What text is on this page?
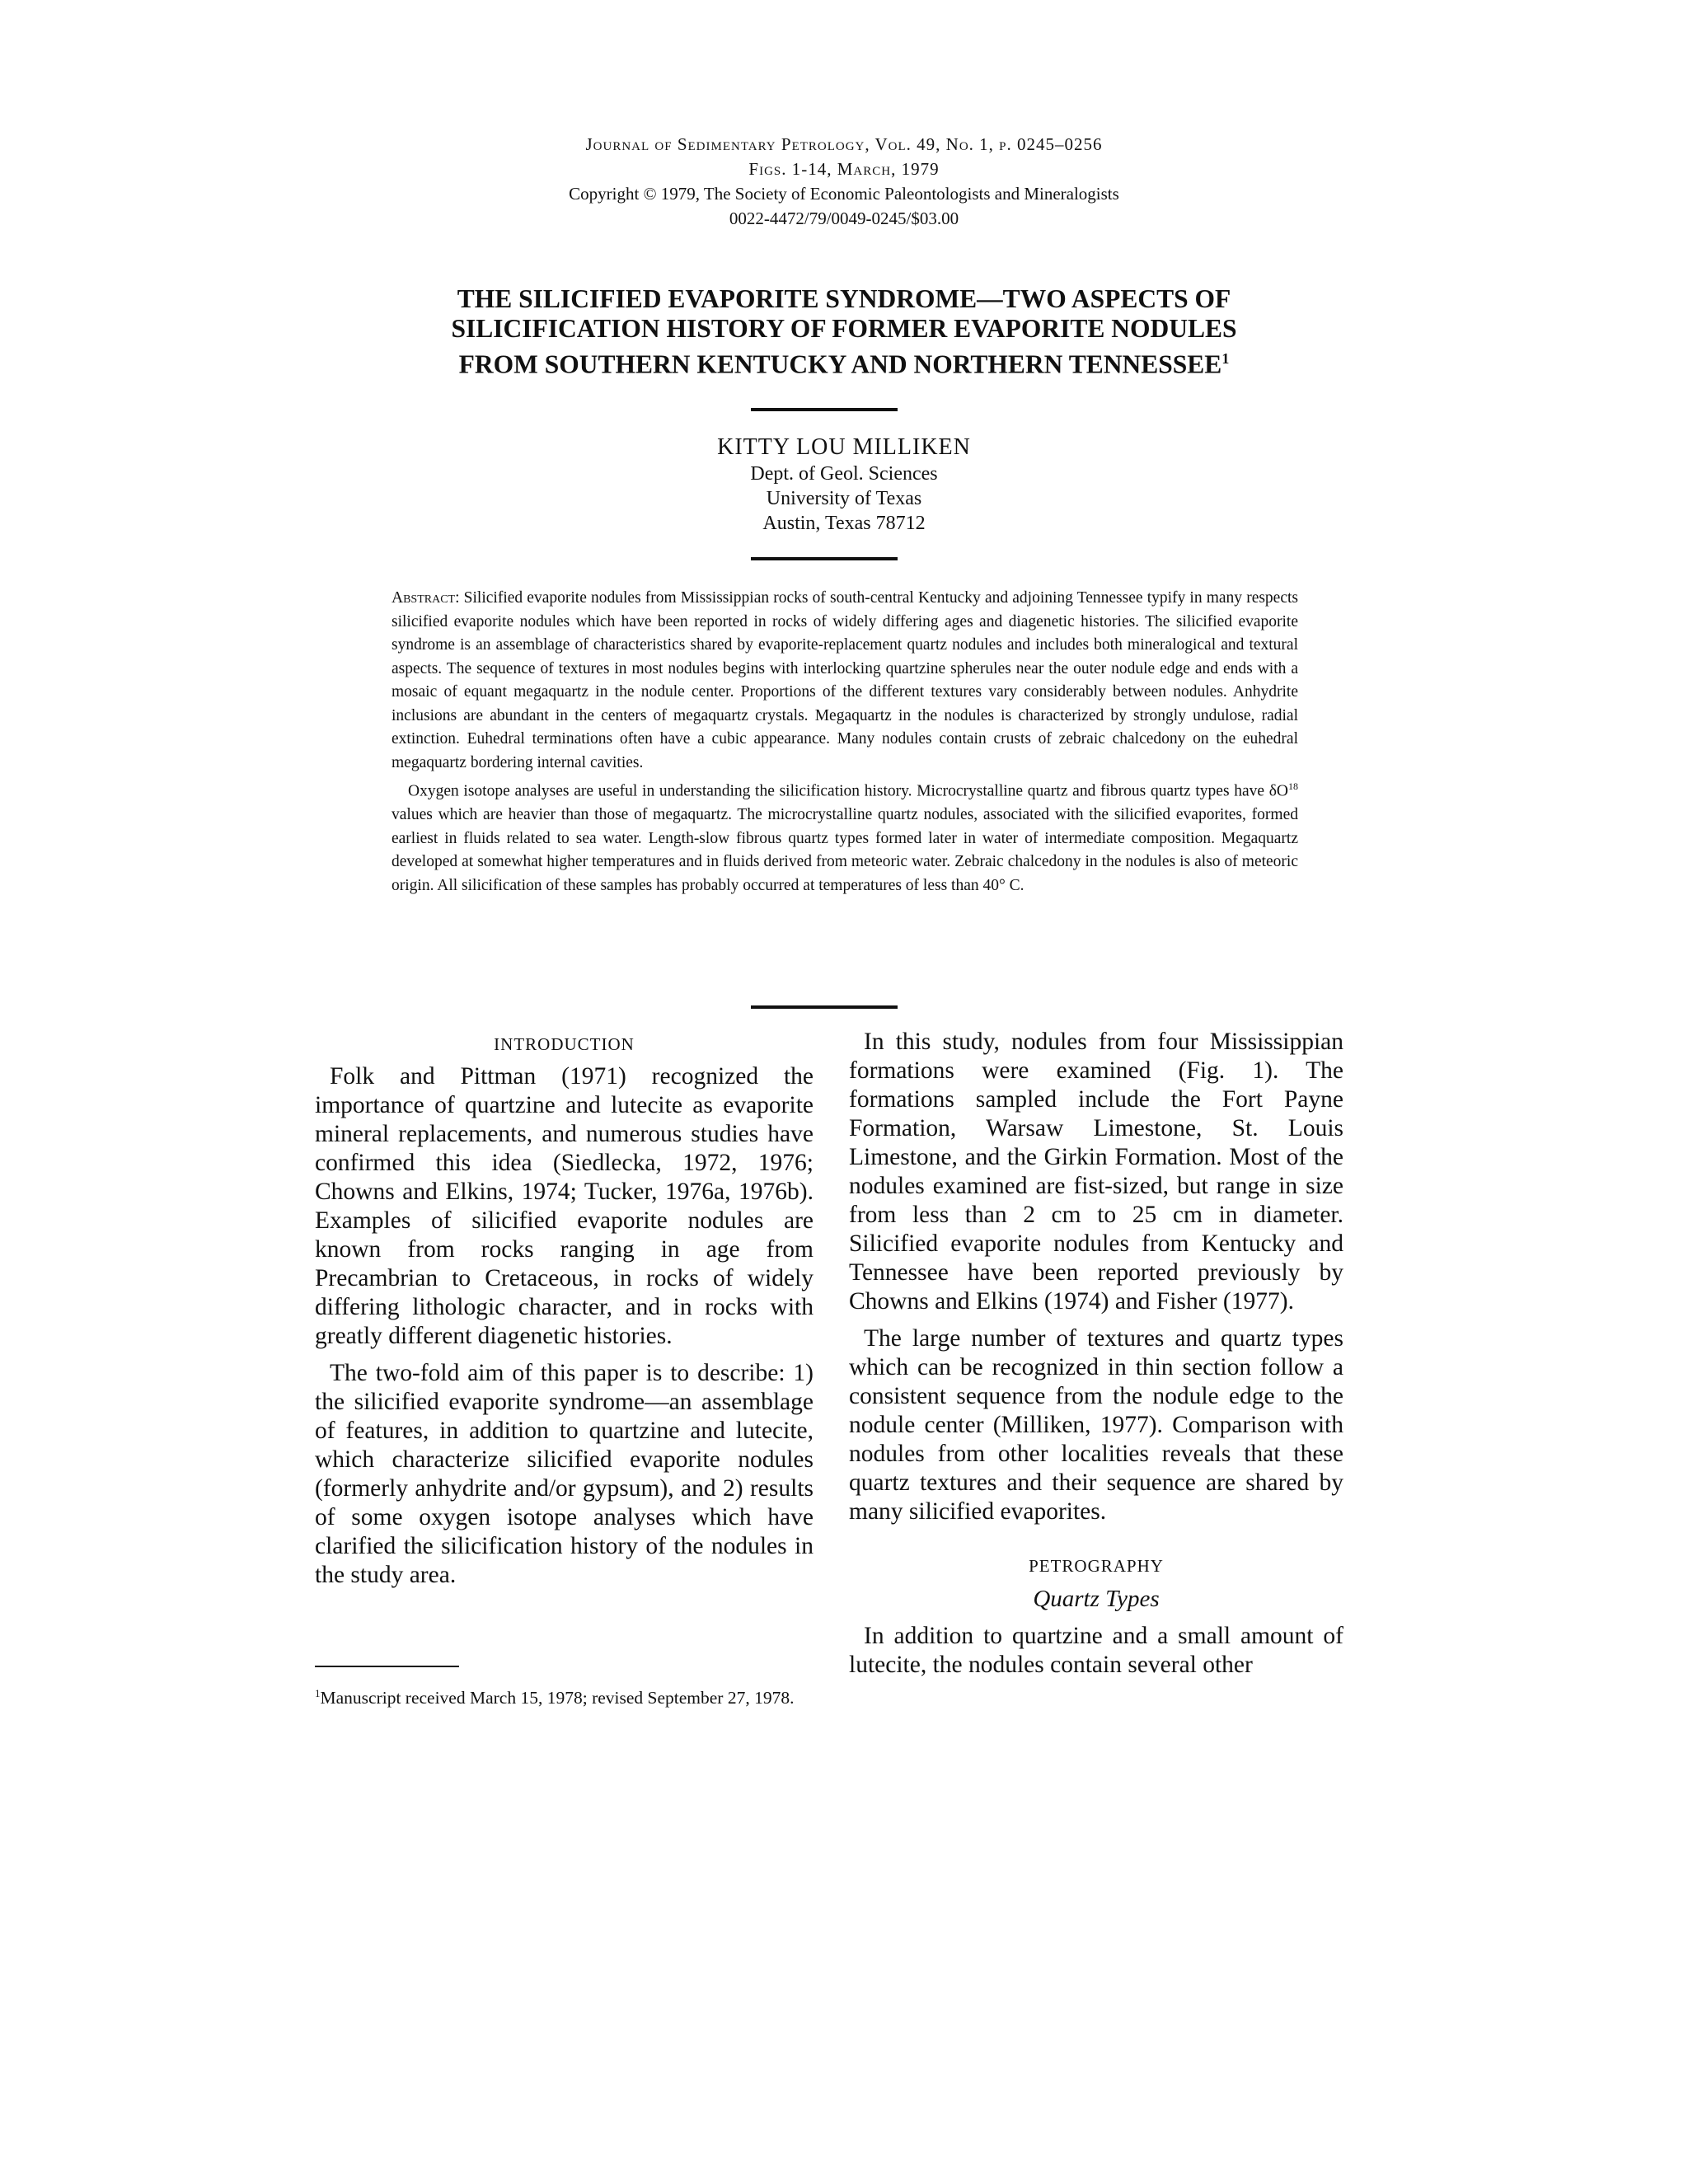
Journal of Sedimentary Petrology, Vol. 49, No. 1, p. 0245–0256
Figs. 1-14, March, 1979
Copyright © 1979, The Society of Economic Paleontologists and Mineralogists
0022-4472/79/0049-0245/$03.00
THE SILICIFIED EVAPORITE SYNDROME—TWO ASPECTS OF
SILICIFICATION HISTORY OF FORMER EVAPORITE NODULES
FROM SOUTHERN KENTUCKY AND NORTHERN TENNESSEE$^1$
KITTY LOU MILLIKEN
Dept. of Geol. Sciences
University of Texas
Austin, Texas 78712

Abstract: Silicified evaporite nodules from Mississippian rocks of south-central Kentucky and adjoining Tennessee typify in many respects silicified evaporite nodules which have been reported in rocks of widely differing ages and diagenetic histories. The silicified evaporite syndrome is an assemblage of characteristics shared by evaporite-replacement quartz nodules and includes both mineralogical and textural aspects. The sequence of textures in most nodules begins with interlocking quartzine spherules near the outer nodule edge and ends with a mosaic of equant megaquartz in the nodule center. Proportions of the different textures vary considerably between nodules. Anhydrite inclusions are abundant in the centers of megaquartz crystals. Megaquartz in the nodules is characterized by strongly undulose, radial extinction. Euhedral terminations often have a cubic appearance. Many nodules contain crusts of zebraic chalcedony on the euhedral megaquartz bordering internal cavities.

Oxygen isotope analyses are useful in understanding the silicification history. Microcrystalline quartz and fibrous quartz types have $\delta O^{18}$ values which are heavier than those of megaquartz. The microcrystalline quartz nodules, associated with the silicified evaporites, formed earliest in fluids related to sea water. Length-slow fibrous quartz types formed later in water of intermediate composition. Megaquartz developed at somewhat higher temperatures and in fluids derived from meteoric water. Zebraic chalcedony in the nodules is also of meteoric origin. All silicification of these samples has probably occurred at temperatures of less than 40° C.

INTRODUCTION

Folk and Pittman (1971) recognized the importance of quartzine and lutecite as evaporite mineral replacements, and numerous studies have confirmed this idea (Siedlecka, 1972, 1976; Chowns and Elkins, 1974; Tucker, 1976a, 1976b). Examples of silicified evaporite nodules are known from rocks ranging in age from Precambrian to Cretaceous, in rocks of widely differing lithologic character, and in rocks with greatly different diagenetic histories.

The two-fold aim of this paper is to describe: 1) the silicified evaporite syndrome—an assemblage of features, in addition to quartzine and lutecite, which characterize silicified evaporite nodules (formerly anhydrite and/or gypsum), and 2) results of some oxygen isotope analyses which have clarified the silicification history of the nodules in the study area.

In this study, nodules from four Mississippian formations were examined (Fig. 1). The formations sampled include the Fort Payne Formation, Warsaw Limestone, St. Louis Limestone, and the Girkin Formation. Most of the nodules examined are fist-sized, but range in size from less than 2 cm to 25 cm in diameter. Silicified evaporite nodules from Kentucky and Tennessee have been reported previously by Chowns and Elkins (1974) and Fisher (1977).

The large number of textures and quartz types which can be recognized in thin section follow a consistent sequence from the nodule edge to the nodule center (Milliken, 1977). Comparison with nodules from other localities reveals that these quartz textures and their sequence are shared by many silicified evaporites.

PETROGRAPHY
Quartz Types

In addition to quartzine and a small amount of lutecite, the nodules contain several other

$^1$Manuscript received March 15, 1978; revised September 27, 1978.
